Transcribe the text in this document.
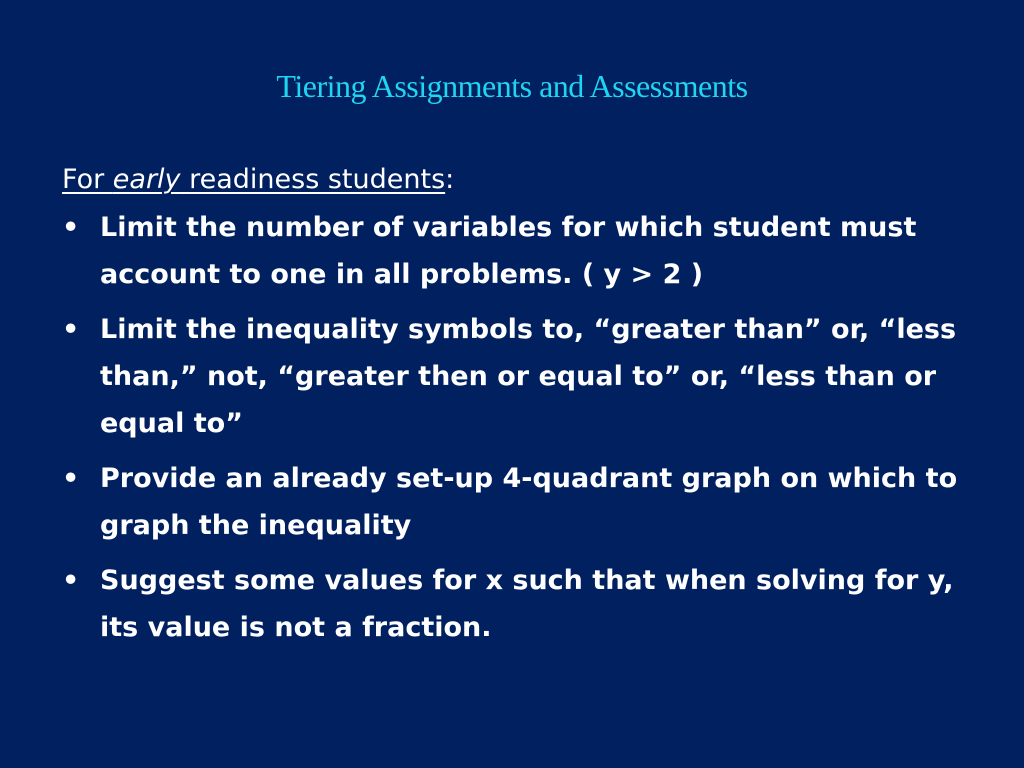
Tiering Assignments and Assessments

For early readiness students:

• Limit the number of variables for which student must account to one in all problems. ( y > 2 )
• Limit the inequality symbols to, “greater than” or, “less than,” not, “greater then or equal to” or, “less than or equal to”
• Provide an already set-up 4-quadrant graph on which to graph the inequality
• Suggest some values for x such that when solving for y, its value is not a fraction.
